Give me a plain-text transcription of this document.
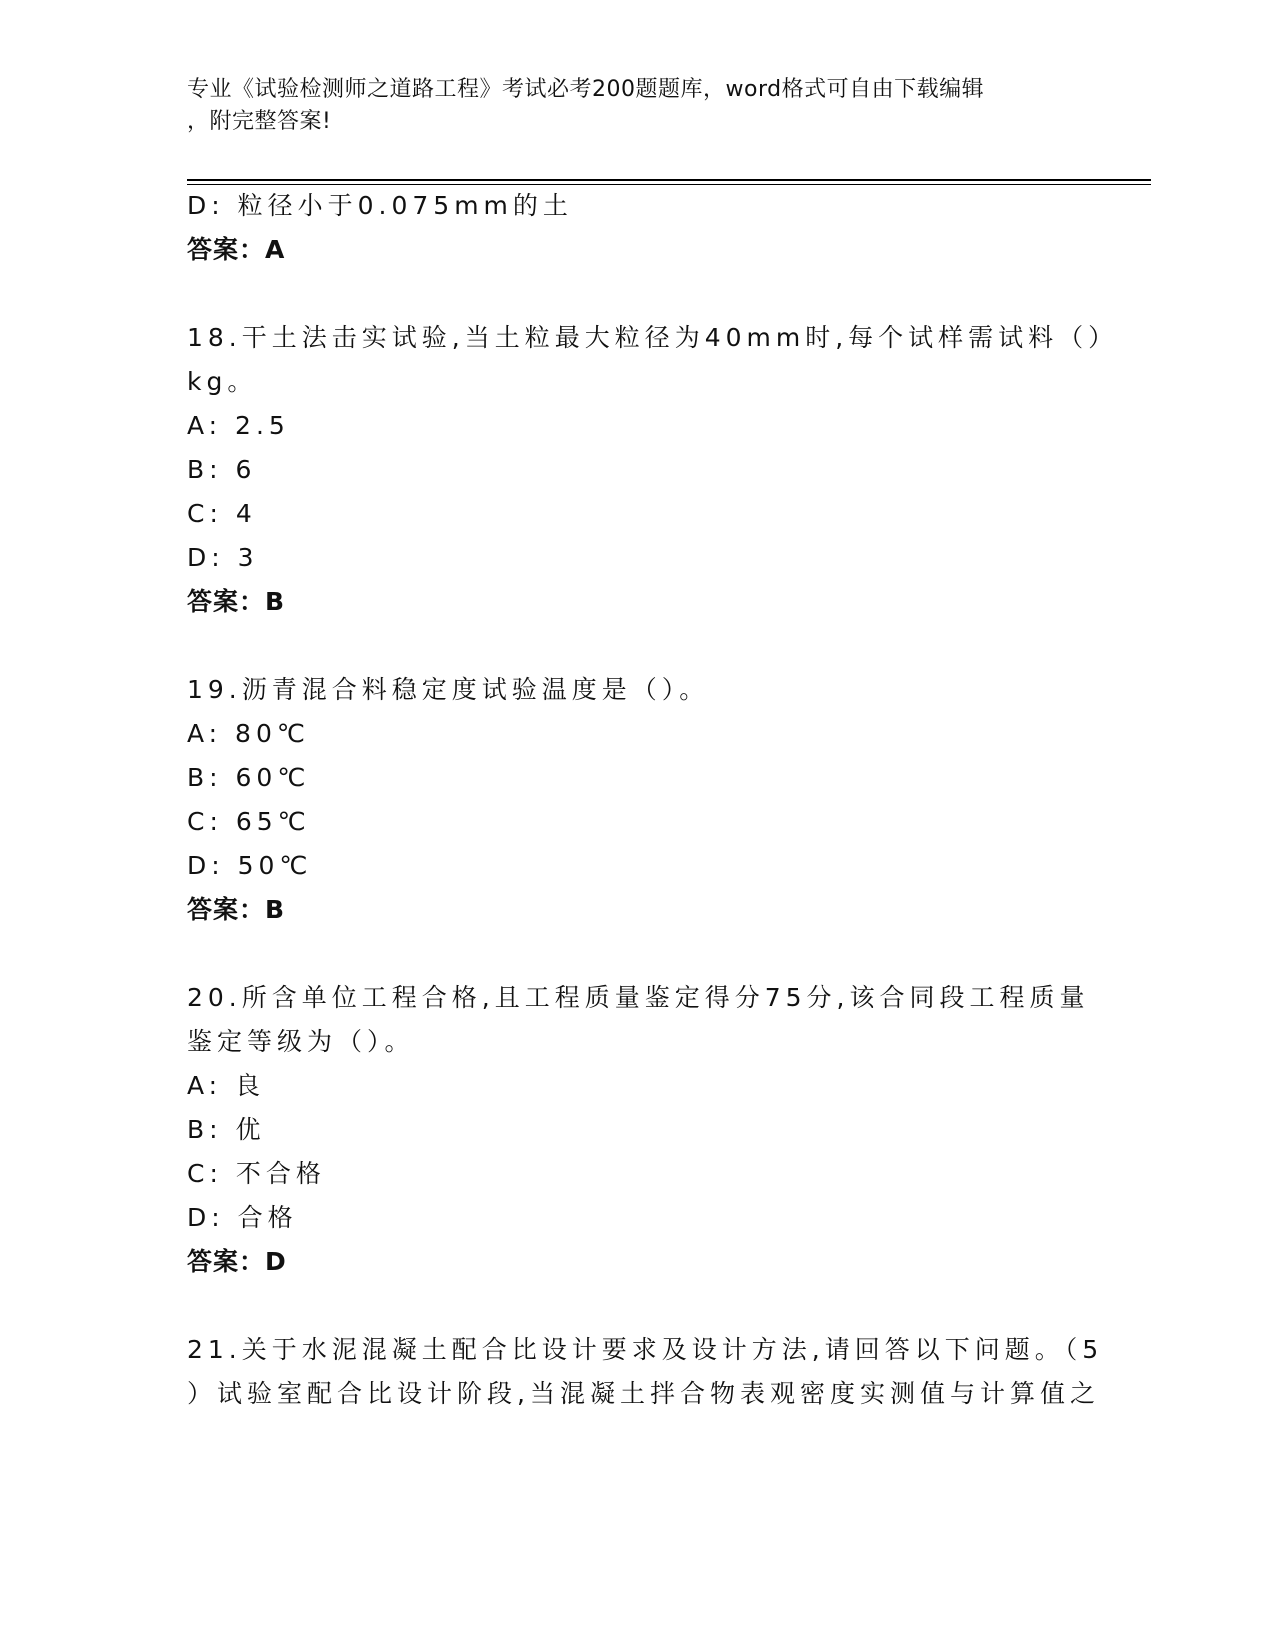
专业《试验检测师之道路工程》考试必考200题题库，word格式可自由下载编辑
，附完整答案!
D: 粒径小于0.075mm的土
答案：A
18.干土法击实试验,当土粒最大粒径为40mm时,每个试样需试料（）
kg。
A: 2.5
B: 6
C: 4
D: 3
答案：B
19.沥青混合料稳定度试验温度是（）。
A: 80℃
B: 60℃
C: 65℃
D: 50℃
答案：B
20.所含单位工程合格,且工程质量鉴定得分75分,该合同段工程质量
鉴定等级为（）。
A: 良
B: 优
C: 不合格
D: 合格
答案：D
21.关于水泥混凝土配合比设计要求及设计方法,请回答以下问题。（5
）试验室配合比设计阶段,当混凝土拌合物表观密度实测值与计算值之
